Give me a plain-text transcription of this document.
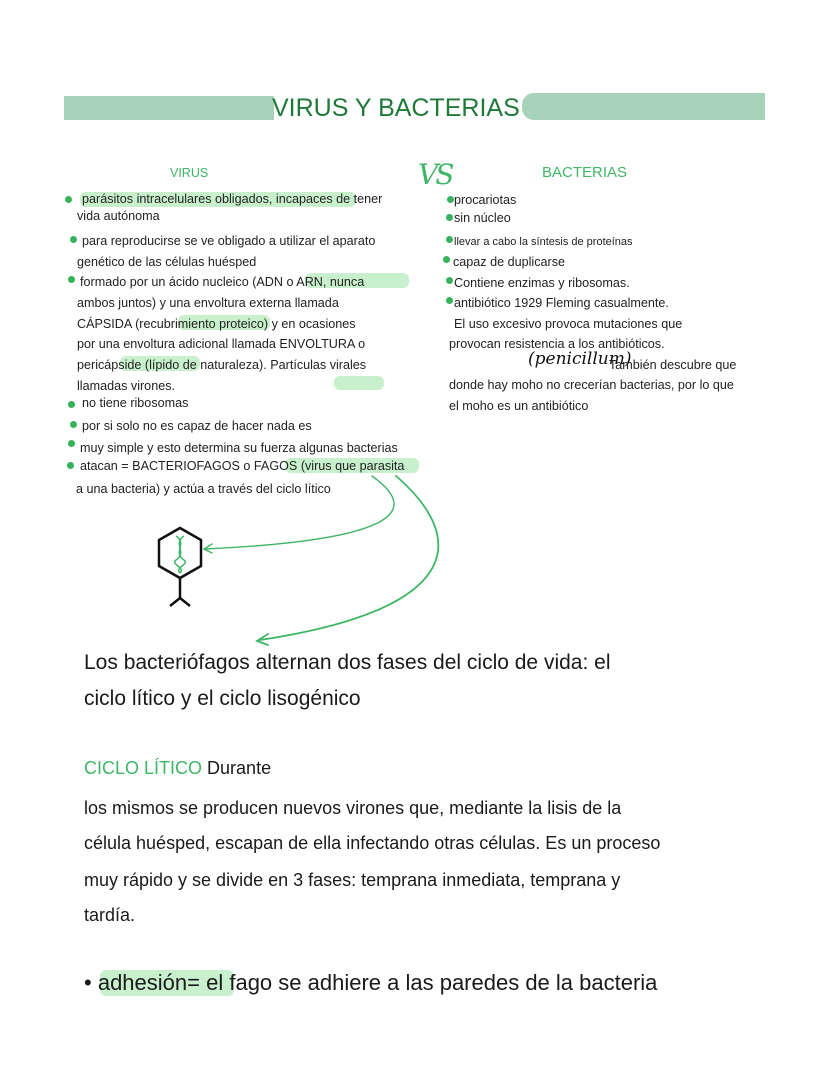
VIRUS Y BACTERIAS
VIRUS	VS	BACTERIAS
parásitos intracelulares obligados, incapaces de tener
vida autónoma
para reproducirse se ve obligado a utilizar el aparato
genético de las células huésped
formado por un ácido nucleico (ADN o ARN, nunca
ambos juntos) y una envoltura externa llamada
CÁPSIDA (recubrimiento proteico) y en ocasiones
por una envoltura adicional llamada ENVOLTURA o
pericápside (lípido de naturaleza). Partículas virales
llamadas virones.
no tiene ribosomas
por si solo no es capaz de hacer nada es
muy simple y esto determina su fuerza algunas bacterias
atacan = BACTERIOFAGOS o FAGOS (virus que parasita
a una bacteria) y actúa a través del ciclo lítico
procariotas
sin núcleo
llevar a cabo la síntesis de proteínas
capaz de duplicarse
Contiene enzimas y ribosomas.
antibiótico 1929 Fleming casualmente.
El uso excesivo provoca mutaciones que
provocan resistencia a los antibióticos.
(penicillum)
También descubre que
donde hay moho no crecerían bacterias, por lo que
el moho es un antibiótico
Los bacteriófagos alternan dos fases del ciclo de vida: el
ciclo lítico y el ciclo lisogénico
CICLO LÍTICO Durante
los mismos se producen nuevos virones que, mediante la lisis de la
célula huésped, escapan de ella infectando otras células. Es un proceso
muy rápido y se divide en 3 fases: temprana inmediata, temprana y
tardía.
• adhesión= el fago se adhiere a las paredes de la bacteria
